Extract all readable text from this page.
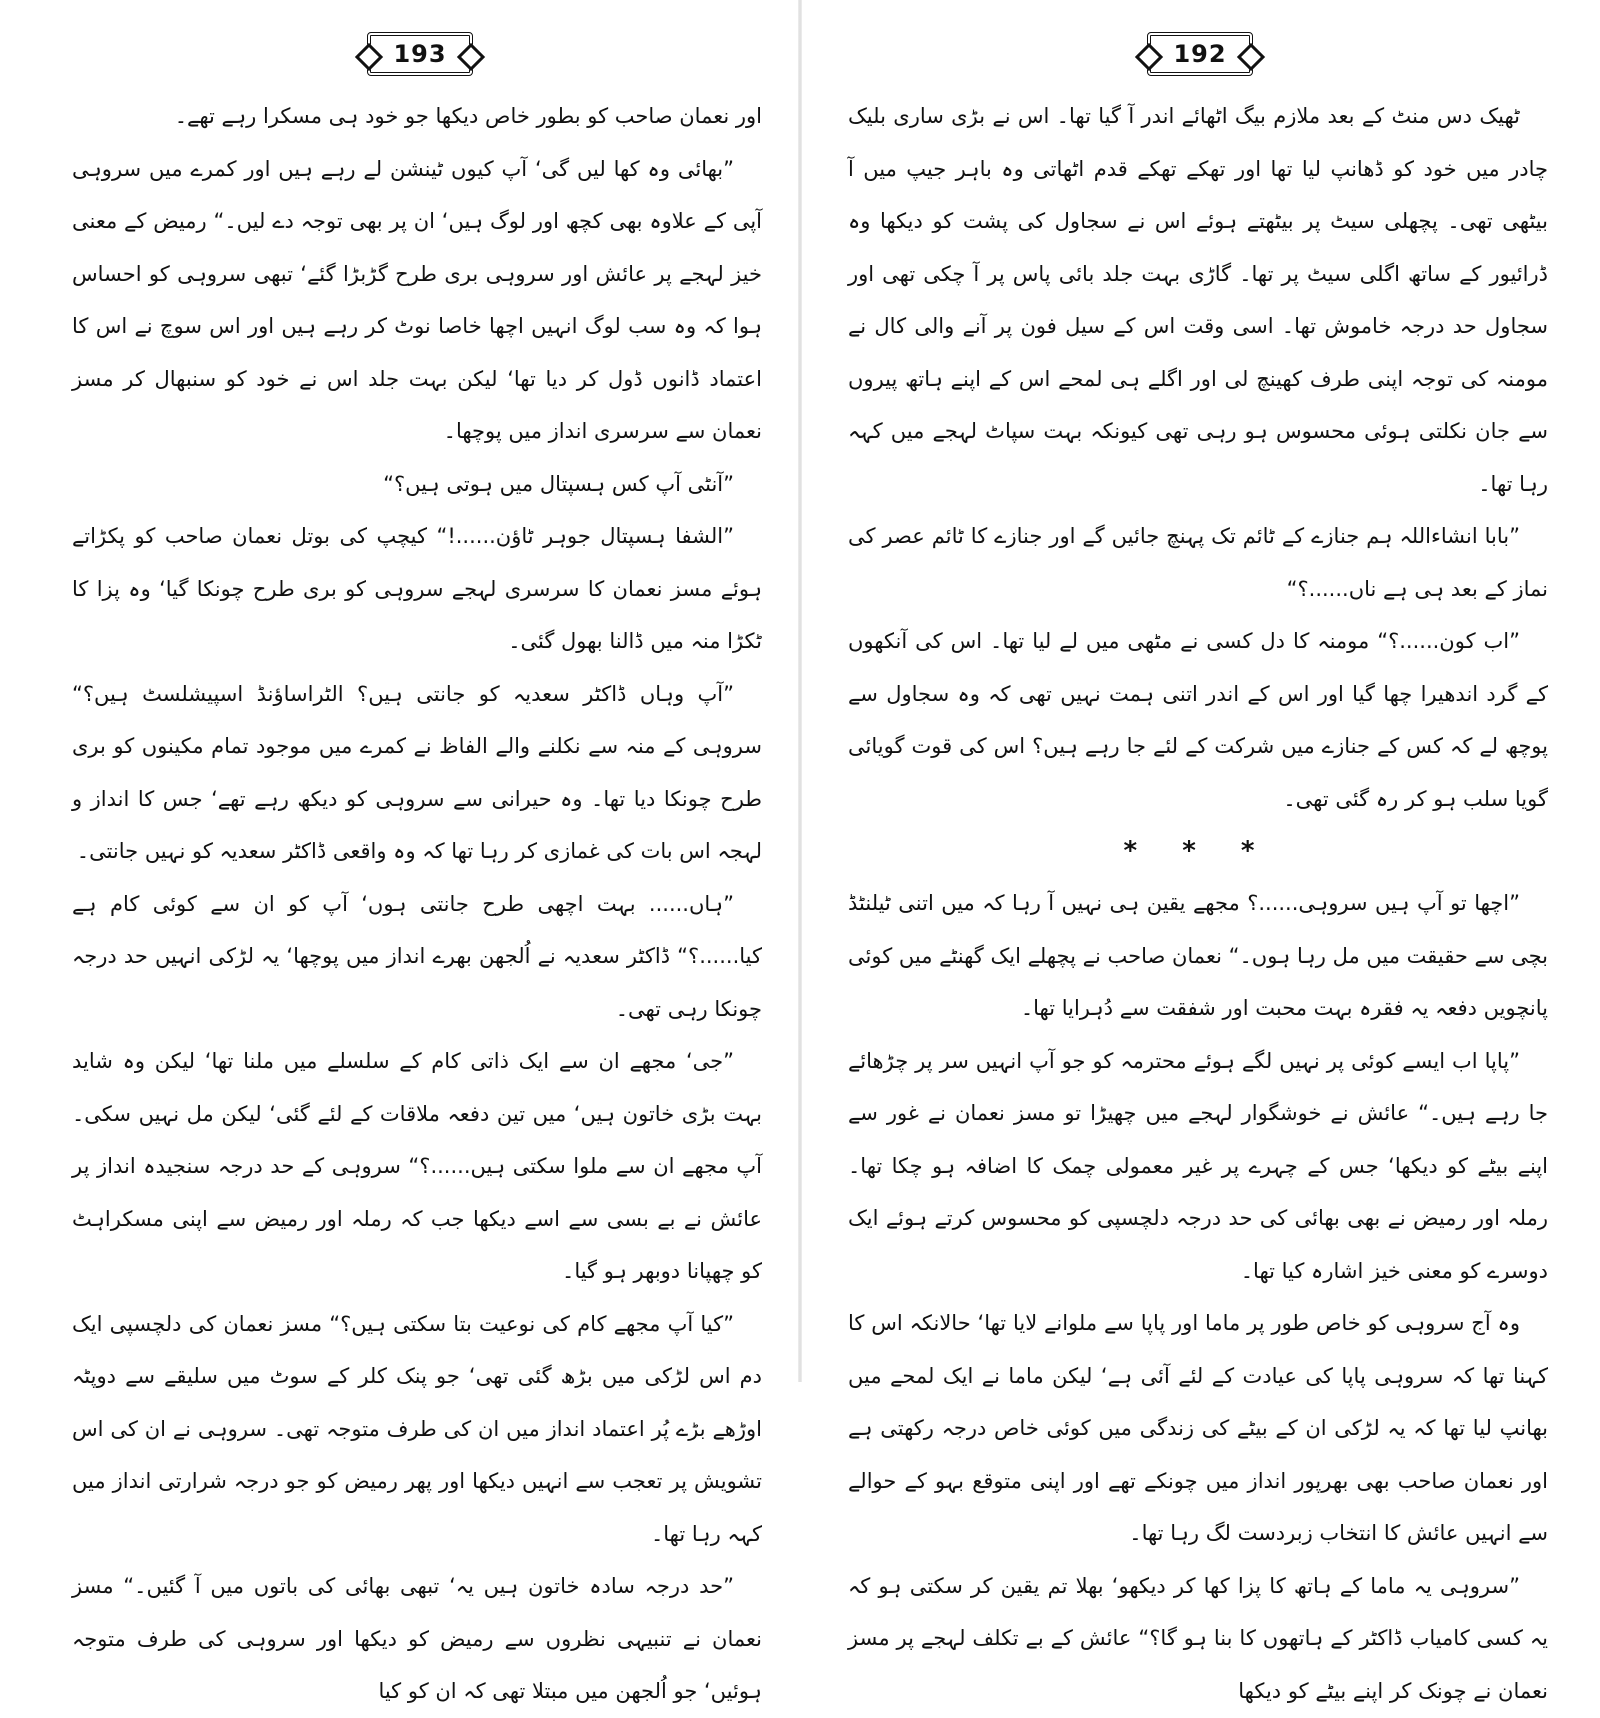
193

اور نعمان صاحب کو بطور خاص دیکھا جو خود ہی مسکرا رہے تھے۔

”بھائی وہ کھا لیں گی‘ آپ کیوں ٹینشن لے رہے ہیں اور کمرے میں سروہی آپی کے علاوہ بھی کچھ اور لوگ ہیں‘ ان پر بھی توجہ دے لیں۔“ رمیض کے معنی خیز لہجے پر عائش اور سروہی بری طرح گڑبڑا گئے‘ تبھی سروہی کو احساس ہوا کہ وہ سب لوگ انہیں اچھا خاصا نوٹ کر رہے ہیں اور اس سوچ نے اس کا اعتماد ڈانوں ڈول کر دیا تھا‘ لیکن بہت جلد اس نے خود کو سنبھال کر مسز نعمان سے سرسری انداز میں پوچھا۔

”آنٹی آپ کس ہسپتال میں ہوتی ہیں؟“

”الشفا ہسپتال جوہر ٹاؤن......!“ کیچپ کی بوتل نعمان صاحب کو پکڑاتے ہوئے مسز نعمان کا سرسری لہجے سروہی کو بری طرح چونکا گیا‘ وہ پزا کا ٹکڑا منہ میں ڈالنا بھول گئی۔

”آپ وہاں ڈاکٹر سعدیہ کو جانتی ہیں؟ الٹراساؤنڈ اسپیشلسٹ ہیں؟“ سروہی کے منہ سے نکلنے والے الفاظ نے کمرے میں موجود تمام مکینوں کو بری طرح چونکا دیا تھا۔ وہ حیرانی سے سروہی کو دیکھ رہے تھے‘ جس کا انداز و لہجہ اس بات کی غمازی کر رہا تھا کہ وہ واقعی ڈاکٹر سعدیہ کو نہیں جانتی۔

”ہاں...... بہت اچھی طرح جانتی ہوں‘ آپ کو ان سے کوئی کام ہے کیا......؟“ ڈاکٹر سعدیہ نے اُلجھن بھرے انداز میں پوچھا‘ یہ لڑکی انہیں حد درجہ چونکا رہی تھی۔

”جی‘ مجھے ان سے ایک ذاتی کام کے سلسلے میں ملنا تھا‘ لیکن وہ شاید بہت بڑی خاتون ہیں‘ میں تین دفعہ ملاقات کے لئے گئی‘ لیکن مل نہیں سکی۔ آپ مجھے ان سے ملوا سکتی ہیں......؟“ سروہی کے حد درجہ سنجیدہ انداز پر عائش نے بے بسی سے اسے دیکھا جب کہ رملہ اور رمیض سے اپنی مسکراہٹ کو چھپانا دوبھر ہو گیا۔

”کیا آپ مجھے کام کی نوعیت بتا سکتی ہیں؟“ مسز نعمان کی دلچسپی ایک دم اس لڑکی میں بڑھ گئی تھی‘ جو پنک کلر کے سوٹ میں سلیقے سے دوپٹہ اوڑھے بڑے پُر اعتماد انداز میں ان کی طرف متوجہ تھی۔ سروہی نے ان کی اس تشویش پر تعجب سے انہیں دیکھا اور پھر رمیض کو جو درجہ شرارتی انداز میں کہہ رہا تھا۔

”حد درجہ سادہ خاتون ہیں یہ‘ تبھی بھائی کی باتوں میں آ گئیں۔“ مسز نعمان نے تنبیہی نظروں سے رمیض کو دیکھا اور سروہی کی طرف متوجہ ہوئیں‘ جو اُلجھن میں مبتلا تھی کہ ان کو کیا

192

ٹھیک دس منٹ کے بعد ملازم بیگ اٹھائے اندر آ گیا تھا۔ اس نے بڑی ساری بلیک چادر میں خود کو ڈھانپ لیا تھا اور تھکے تھکے قدم اٹھاتی وہ باہر جیپ میں آ بیٹھی تھی۔ پچھلی سیٹ پر بیٹھتے ہوئے اس نے سجاول کی پشت کو دیکھا وہ ڈرائیور کے ساتھ اگلی سیٹ پر تھا۔ گاڑی بہت جلد بائی پاس پر آ چکی تھی اور سجاول حد درجہ خاموش تھا۔ اسی وقت اس کے سیل فون پر آنے والی کال نے مومنہ کی توجہ اپنی طرف کھینچ لی اور اگلے ہی لمحے اس کے اپنے ہاتھ پیروں سے جان نکلتی ہوئی محسوس ہو رہی تھی کیونکہ بہت سپاٹ لہجے میں کہہ رہا تھا۔

”بابا انشاءاللہ ہم جنازے کے ٹائم تک پہنچ جائیں گے اور جنازے کا ٹائم عصر کی نماز کے بعد ہی ہے ناں......؟“

”اب کون......؟“ مومنہ کا دل کسی نے مٹھی میں لے لیا تھا۔ اس کی آنکھوں کے گرد اندھیرا چھا گیا اور اس کے اندر اتنی ہمت نہیں تھی کہ وہ سجاول سے پوچھ لے کہ کس کے جنازے میں شرکت کے لئے جا رہے ہیں؟ اس کی قوت گویائی گویا سلب ہو کر رہ گئی تھی۔

* * *

”اچھا تو آپ ہیں سروہی......؟ مجھے یقین ہی نہیں آ رہا کہ میں اتنی ٹیلنٹڈ بچی سے حقیقت میں مل رہا ہوں۔“ نعمان صاحب نے پچھلے ایک گھنٹے میں کوئی پانچویں دفعہ یہ فقرہ بہت محبت اور شفقت سے دُہرایا تھا۔

”پاپا اب ایسے کوئی پر نہیں لگے ہوئے محترمہ کو جو آپ انہیں سر پر چڑھائے جا رہے ہیں۔“ عائش نے خوشگوار لہجے میں چھیڑا تو مسز نعمان نے غور سے اپنے بیٹے کو دیکھا‘ جس کے چہرے پر غیر معمولی چمک کا اضافہ ہو چکا تھا۔ رملہ اور رمیض نے بھی بھائی کی حد درجہ دلچسپی کو محسوس کرتے ہوئے ایک دوسرے کو معنی خیز اشارہ کیا تھا۔

وہ آج سروہی کو خاص طور پر ماما اور پاپا سے ملوانے لایا تھا‘ حالانکہ اس کا کہنا تھا کہ سروہی پاپا کی عیادت کے لئے آئی ہے‘ لیکن ماما نے ایک لمحے میں بھانپ لیا تھا کہ یہ لڑکی ان کے بیٹے کی زندگی میں کوئی خاص درجہ رکھتی ہے اور نعمان صاحب بھی بھرپور انداز میں چونکے تھے اور اپنی متوقع بہو کے حوالے سے انہیں عائش کا انتخاب زبردست لگ رہا تھا۔

”سروہی یہ ماما کے ہاتھ کا پزا کھا کر دیکھو‘ بھلا تم یقین کر سکتی ہو کہ یہ کسی کامیاب ڈاکٹر کے ہاتھوں کا بنا ہو گا؟“ عائش کے بے تکلف لہجے پر مسز نعمان نے چونک کر اپنے بیٹے کو دیکھا
